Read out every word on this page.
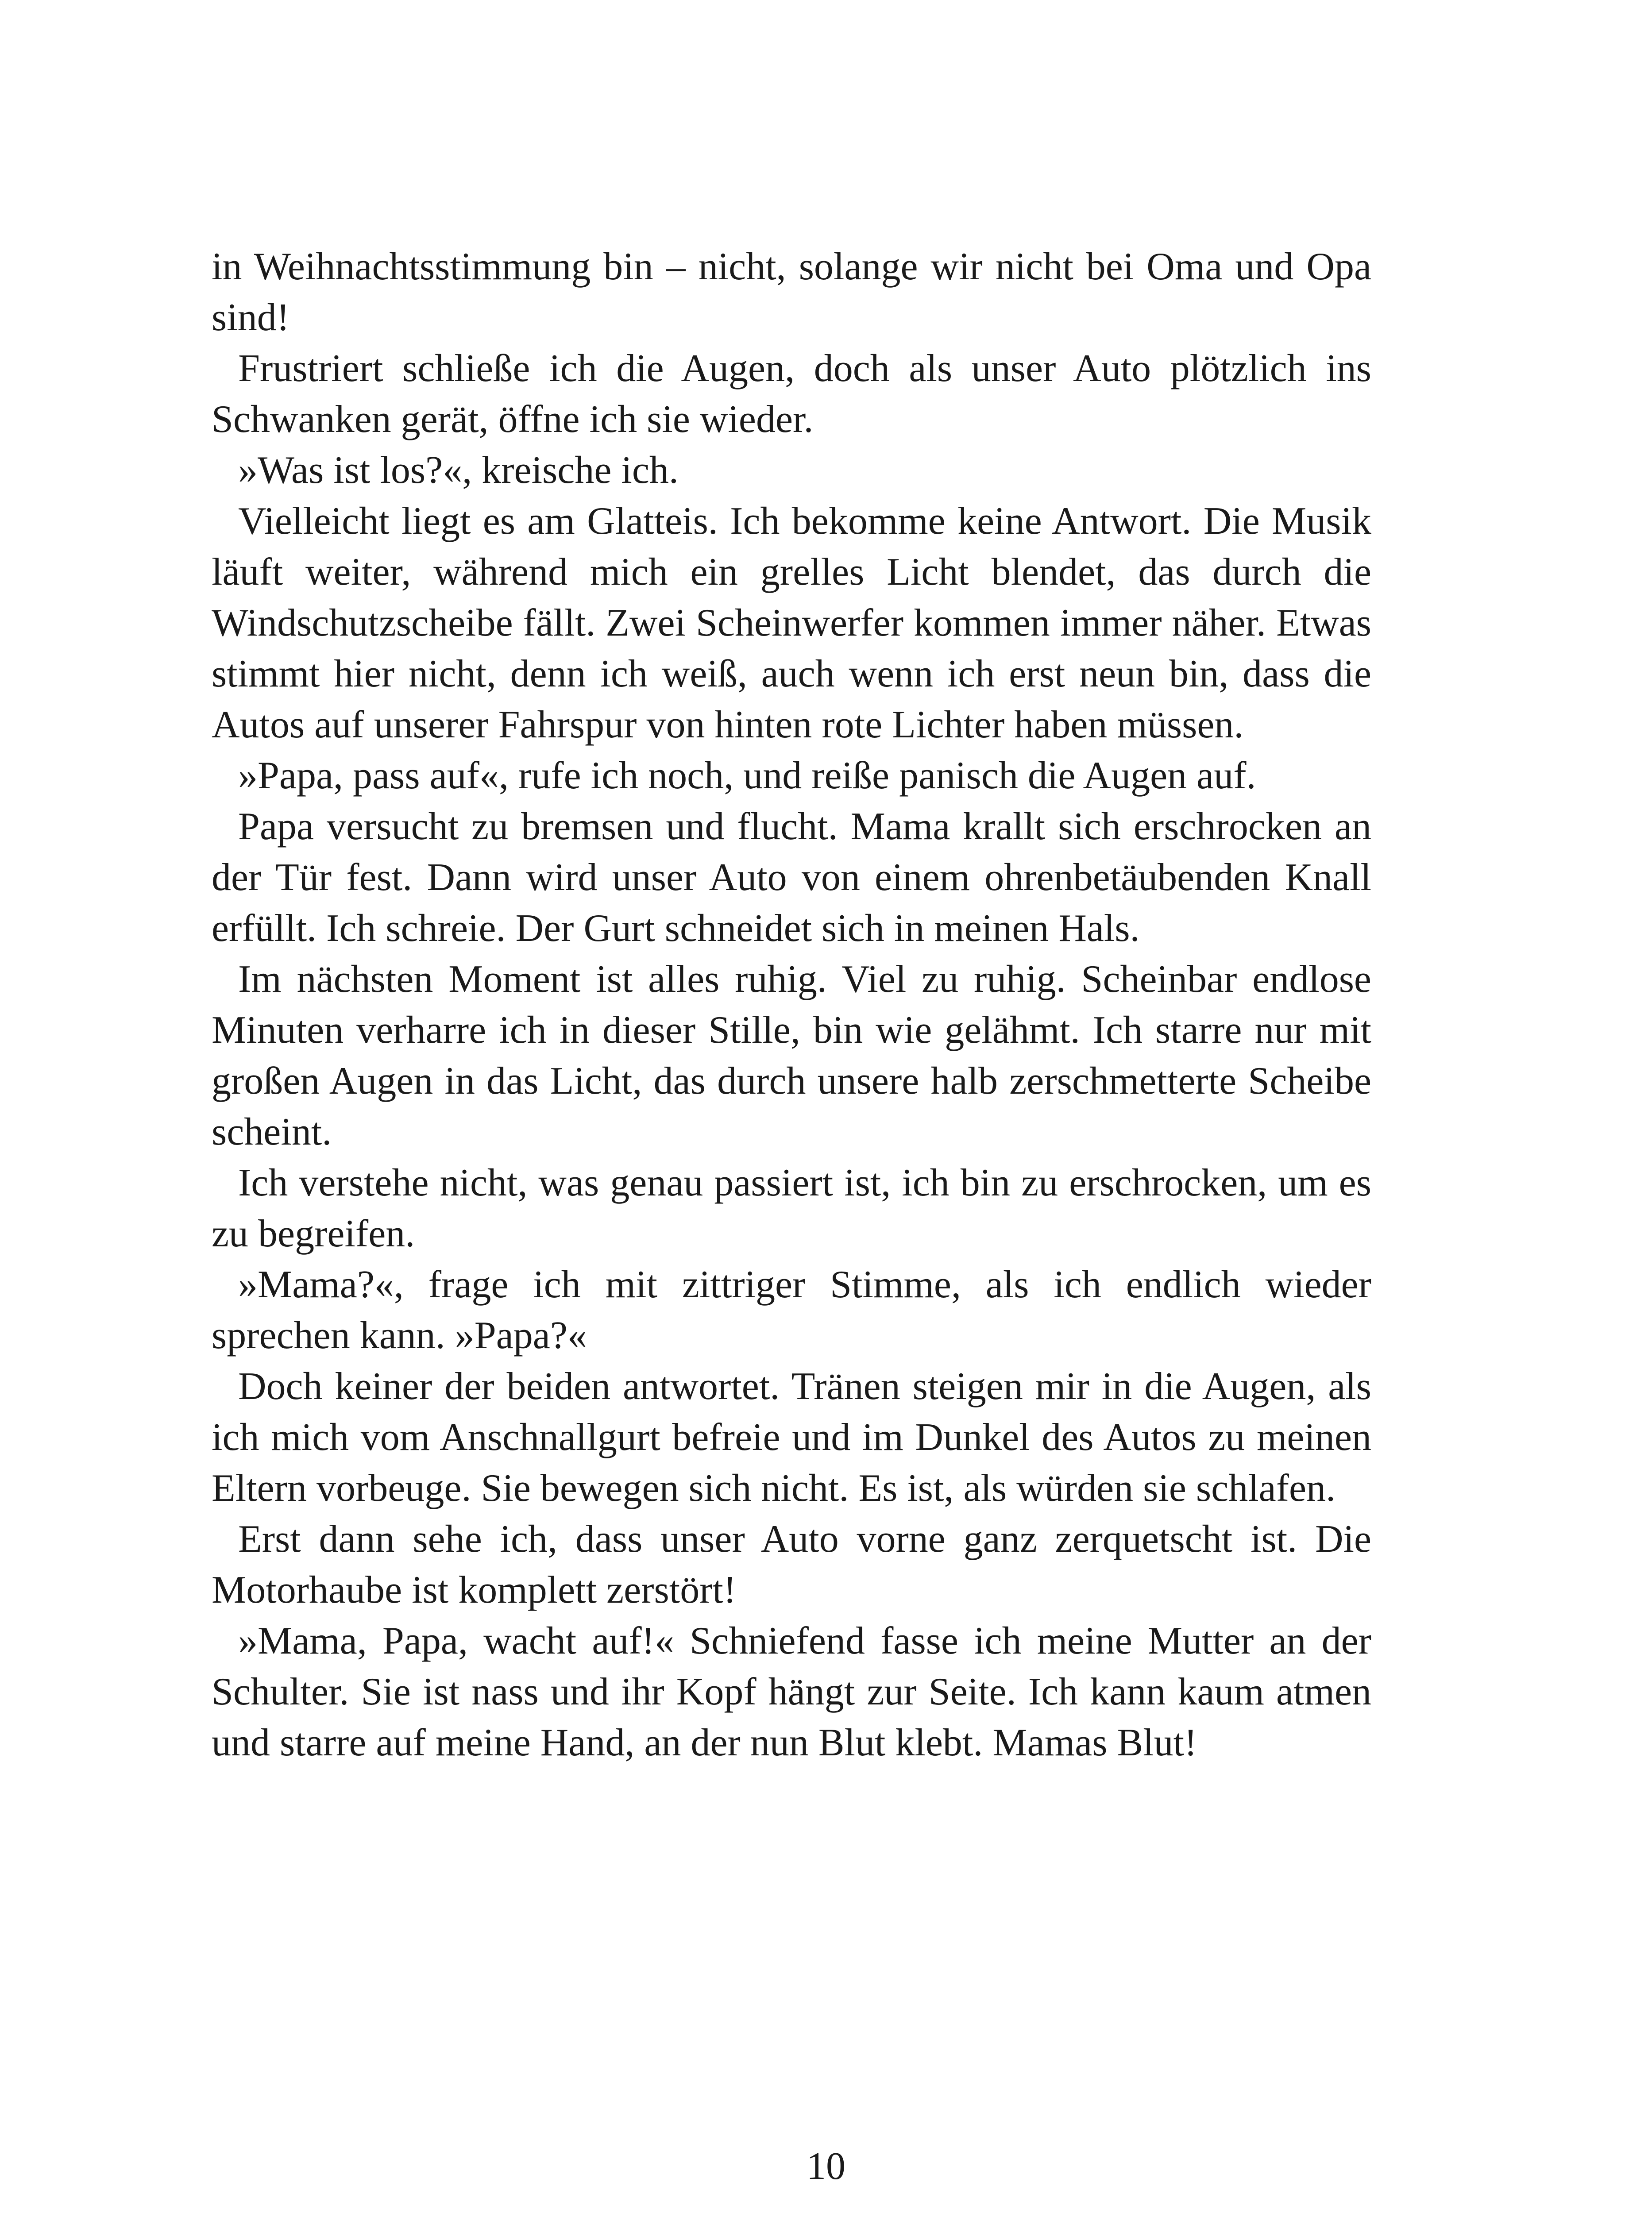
in Weihnachtsstimmung bin – nicht, solange wir nicht bei Oma und Opa sind!

Frustriert schließe ich die Augen, doch als unser Auto plötzlich ins Schwanken gerät, öffne ich sie wieder.

»Was ist los?«, kreische ich.

Vielleicht liegt es am Glatteis. Ich bekomme keine Antwort. Die Musik läuft weiter, während mich ein grelles Licht blendet, das durch die Windschutzscheibe fällt. Zwei Scheinwerfer kommen immer näher. Etwas stimmt hier nicht, denn ich weiß, auch wenn ich erst neun bin, dass die Autos auf unserer Fahrspur von hinten rote Lichter haben müssen.

»Papa, pass auf«, rufe ich noch, und reiße panisch die Augen auf.

Papa versucht zu bremsen und flucht. Mama krallt sich erschrocken an der Tür fest. Dann wird unser Auto von einem ohrenbetäubenden Knall erfüllt. Ich schreie. Der Gurt schneidet sich in meinen Hals.

Im nächsten Moment ist alles ruhig. Viel zu ruhig. Scheinbar endlose Minuten verharre ich in dieser Stille, bin wie gelähmt. Ich starre nur mit großen Augen in das Licht, das durch unsere halb zerschmetterte Scheibe scheint.

Ich verstehe nicht, was genau passiert ist, ich bin zu erschrocken, um es zu begreifen.

»Mama?«, frage ich mit zittriger Stimme, als ich endlich wieder sprechen kann. »Papa?«

Doch keiner der beiden antwortet. Tränen steigen mir in die Augen, als ich mich vom Anschnallgurt befreie und im Dunkel des Autos zu meinen Eltern vorbeuge. Sie bewegen sich nicht. Es ist, als würden sie schlafen.

Erst dann sehe ich, dass unser Auto vorne ganz zerquetscht ist. Die Motorhaube ist komplett zerstört!

»Mama, Papa, wacht auf!« Schniefend fasse ich meine Mutter an der Schulter. Sie ist nass und ihr Kopf hängt zur Seite. Ich kann kaum atmen und starre auf meine Hand, an der nun Blut klebt. Mamas Blut!

10
